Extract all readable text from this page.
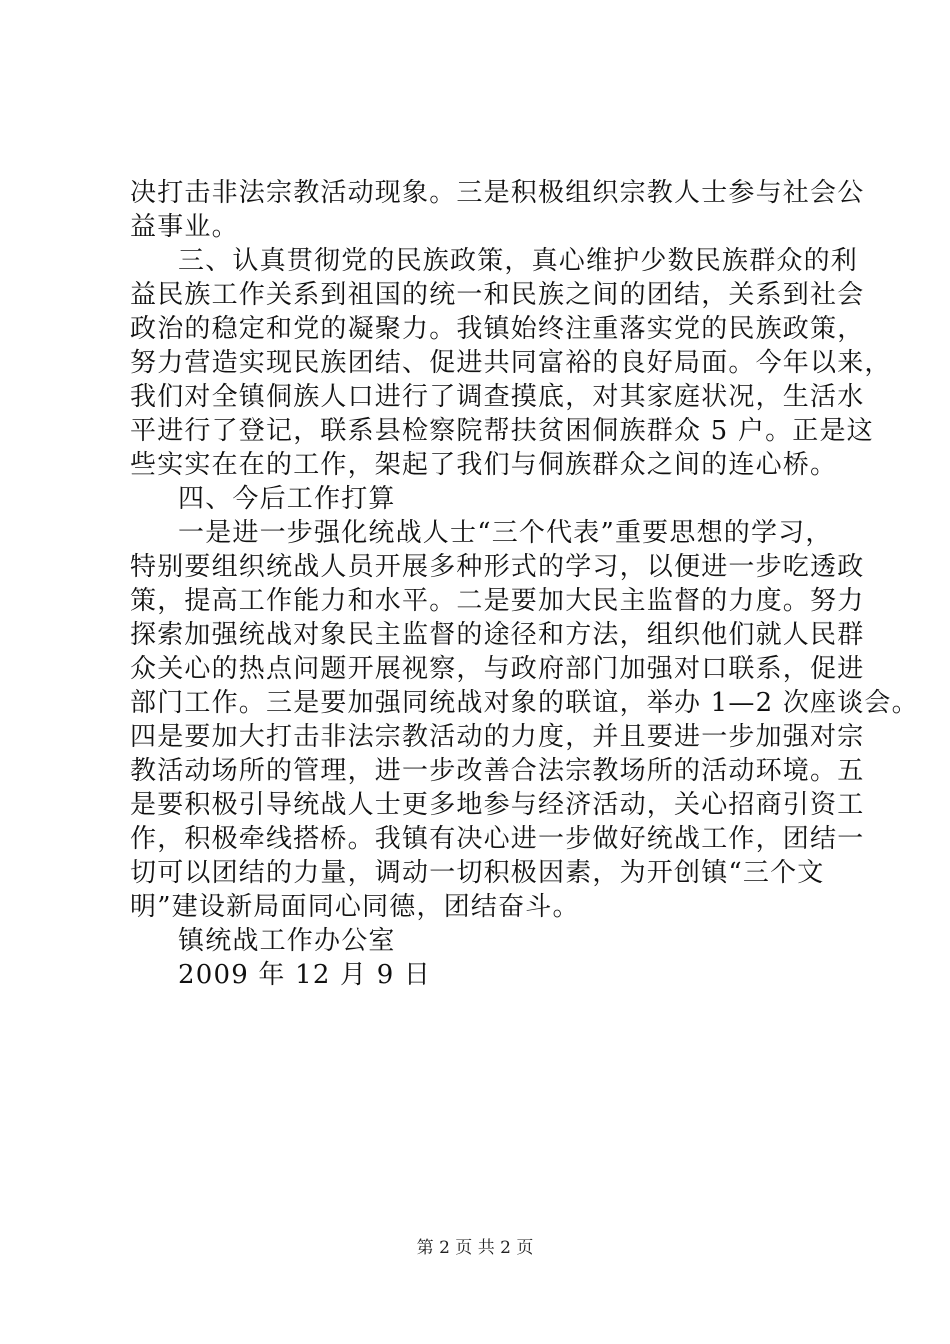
决打击非法宗教活动现象。三是积极组织宗教人士参与社会公
益事业。
三、认真贯彻党的民族政策，真心维护少数民族群众的利
益民族工作关系到祖国的统一和民族之间的团结，关系到社会
政治的稳定和党的凝聚力。我镇始终注重落实党的民族政策，
努力营造实现民族团结、促进共同富裕的良好局面。今年以来，
我们对全镇侗族人口进行了调查摸底，对其家庭状况，生活水
平进行了登记，联系县检察院帮扶贫困侗族群众 5 户。正是这
些实实在在的工作，架起了我们与侗族群众之间的连心桥。
四、今后工作打算
一是进一步强化统战人士“三个代表”重要思想的学习，
特别要组织统战人员开展多种形式的学习，以便进一步吃透政
策，提高工作能力和水平。二是要加大民主监督的力度。努力
探索加强统战对象民主监督的途径和方法，组织他们就人民群
众关心的热点问题开展视察，与政府部门加强对口联系，促进
部门工作。三是要加强同统战对象的联谊，举办 1—2 次座谈会。
四是要加大打击非法宗教活动的力度，并且要进一步加强对宗
教活动场所的管理，进一步改善合法宗教场所的活动环境。五
是要积极引导统战人士更多地参与经济活动，关心招商引资工
作，积极牵线搭桥。我镇有决心进一步做好统战工作，团结一
切可以团结的力量，调动一切积极因素，为开创镇“三个文
明”建设新局面同心同德，团结奋斗。
镇统战工作办公室
2009 年 12 月 9 日
第 2 页 共 2 页
